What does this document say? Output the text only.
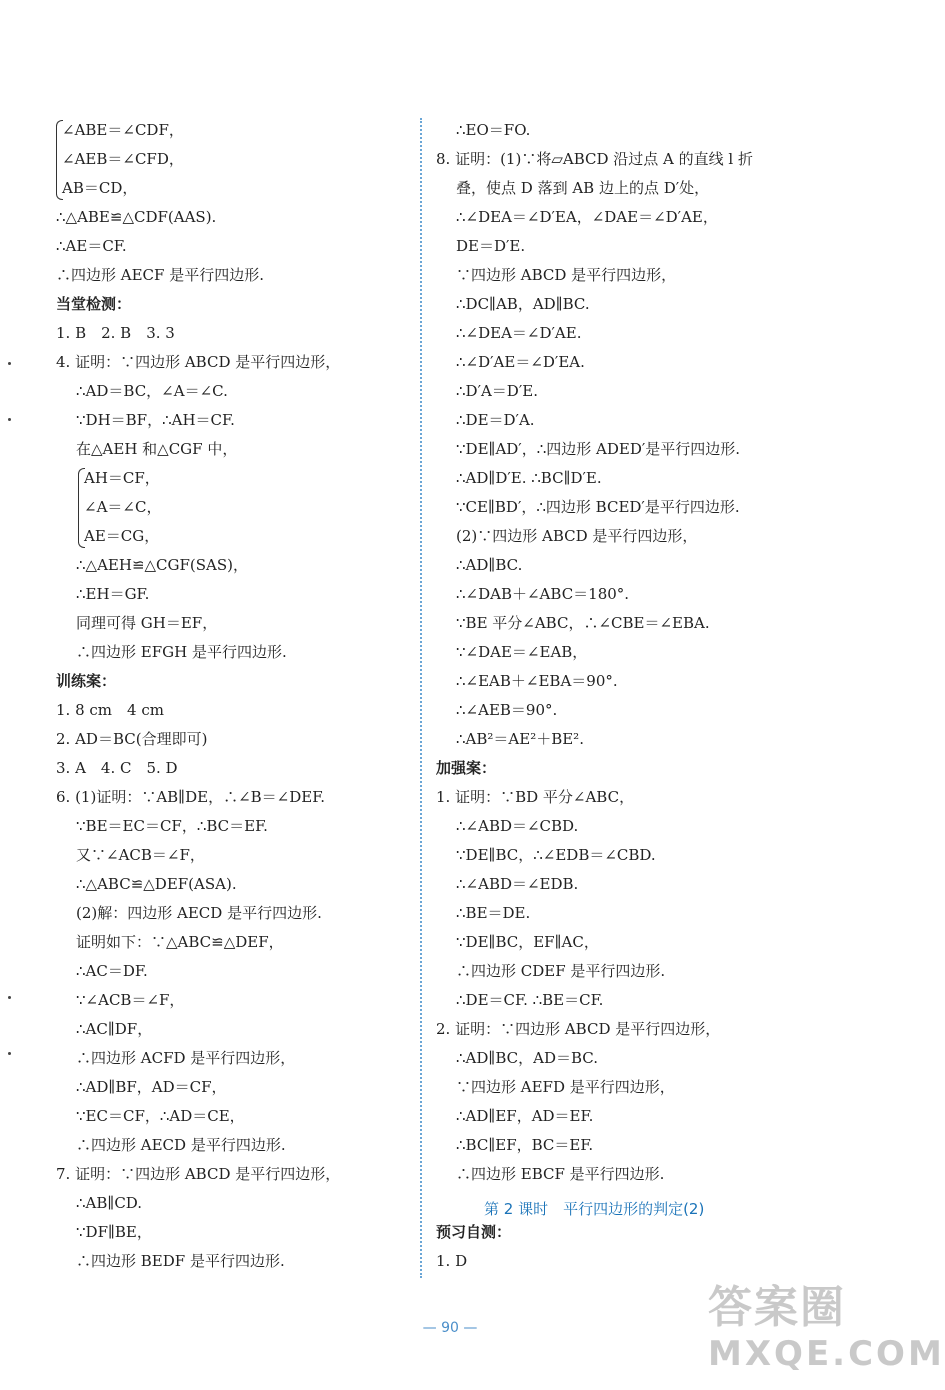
∠ABE＝∠CDF，
∠AEB＝∠CFD，
AB＝CD，
∴△ABE≌△CDF(AAS).
∴AE＝CF.
∴四边形 AECF 是平行四边形.
当堂检测：
1. B　2. B　3. 3
4. 证明：∵四边形 ABCD 是平行四边形，
∴AD＝BC，∠A＝∠C.
∵DH＝BF，∴AH＝CF.
在△AEH 和△CGF 中，
AH＝CF，
∠A＝∠C，
AE＝CG，
∴△AEH≌△CGF(SAS)，
∴EH＝GF.
同理可得 GH＝EF，
∴四边形 EFGH 是平行四边形.
训练案：
1. 8 cm　4 cm
2. AD＝BC(合理即可)
3. A　4. C　5. D
6. (1)证明：∵AB∥DE，∴∠B＝∠DEF.
∵BE＝EC＝CF，∴BC＝EF.
又∵∠ACB＝∠F，
∴△ABC≌△DEF(ASA).
(2)解：四边形 AECD 是平行四边形.
证明如下：∵△ABC≌△DEF，
∴AC＝DF.
∵∠ACB＝∠F，
∴AC∥DF，
∴四边形 ACFD 是平行四边形，
∴AD∥BF，AD＝CF，
∵EC＝CF，∴AD＝CE，
∴四边形 AECD 是平行四边形.
7. 证明：∵四边形 ABCD 是平行四边形，
∴AB∥CD.
∵DF∥BE，
∴四边形 BEDF 是平行四边形.
∴EO＝FO.
8. 证明：(1)∵将▱ABCD 沿过点 A 的直线 l 折
叠，使点 D 落到 AB 边上的点 D′处，
∴∠DEA＝∠D′EA，∠DAE＝∠D′AE，
DE＝D′E.
∵四边形 ABCD 是平行四边形，
∴DC∥AB，AD∥BC.
∴∠DEA＝∠D′AE.
∴∠D′AE＝∠D′EA.
∴D′A＝D′E.
∴DE＝D′A.
∵DE∥AD′，∴四边形 ADED′是平行四边形.
∴AD∥D′E. ∴BC∥D′E.
∵CE∥BD′，∴四边形 BCED′是平行四边形.
(2)∵四边形 ABCD 是平行四边形，
∴AD∥BC.
∴∠DAB＋∠ABC＝180°.
∵BE 平分∠ABC，∴∠CBE＝∠EBA.
∵∠DAE＝∠EAB，
∴∠EAB＋∠EBA＝90°.
∴∠AEB＝90°.
∴AB²＝AE²＋BE².
加强案：
1. 证明：∵BD 平分∠ABC，
∴∠ABD＝∠CBD.
∵DE∥BC，∴∠EDB＝∠CBD.
∴∠ABD＝∠EDB.
∴BE＝DE.
∵DE∥BC，EF∥AC，
∴四边形 CDEF 是平行四边形.
∴DE＝CF. ∴BE＝CF.
2. 证明：∵四边形 ABCD 是平行四边形，
∴AD∥BC，AD＝BC.
∵四边形 AEFD 是平行四边形，
∴AD∥EF，AD＝EF.
∴BC∥EF，BC＝EF.
∴四边形 EBCF 是平行四边形.
预习自测：
1. D
第 2 课时　平行四边形的判定(2)
— 90 —	答案圈
MXQE.COM
